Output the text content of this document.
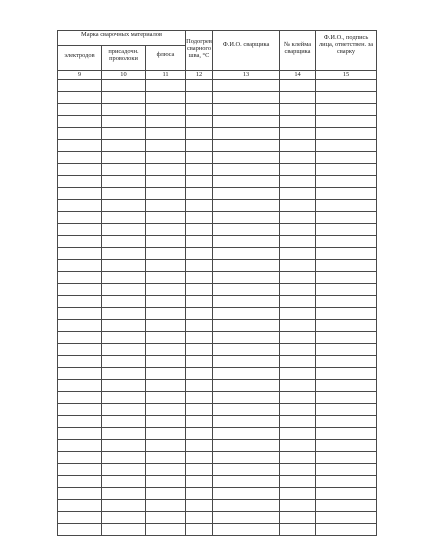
Марка сварочных материалов			Подогрев сварного шва, °С	Ф.И.О. сварщика	№ клейма сварщика	Ф.И.О., подпись лица, ответствен. за сварку
электродов	присадочн. проволоки	флюса				
9	10	11	12	13	14	15
